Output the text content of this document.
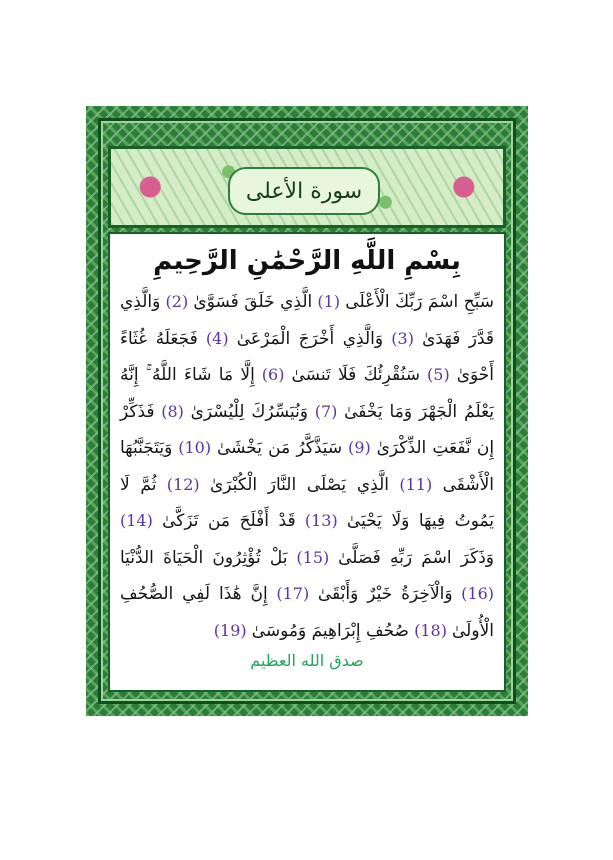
سورة الأعلى
بِسْمِ اللَّهِ الرَّحْمَٰنِ الرَّحِيمِ
سَبِّحِ اسْمَ رَبِّكَ الْأَعْلَى (1) الَّذِي خَلَقَ فَسَوَّىٰ (2) وَالَّذِي قَدَّرَ فَهَدَىٰ (3) وَالَّذِي أَخْرَجَ الْمَرْعَىٰ (4) فَجَعَلَهُ غُثَاءً أَحْوَىٰ (5) سَنُقْرِئُكَ فَلَا تَنسَىٰ (6) إِلَّا مَا شَاءَ اللَّهُ ۚ إِنَّهُ يَعْلَمُ الْجَهْرَ وَمَا يَخْفَىٰ (7) وَنُيَسِّرُكَ لِلْيُسْرَىٰ (8) فَذَكِّرْ إِن نَّفَعَتِ الذِّكْرَىٰ (9) سَيَذَّكَّرُ مَن يَخْشَىٰ (10) وَيَتَجَنَّبُهَا الْأَشْقَى (11) الَّذِي يَصْلَى النَّارَ الْكُبْرَىٰ (12) ثُمَّ لَا يَمُوتُ فِيهَا وَلَا يَحْيَىٰ (13) قَدْ أَفْلَحَ مَن تَزَكَّىٰ (14) وَذَكَرَ اسْمَ رَبِّهِ فَصَلَّىٰ (15) بَلْ تُؤْثِرُونَ الْحَيَاةَ الدُّنْيَا (16) وَالْآخِرَةُ خَيْرٌ وَأَبْقَىٰ (17) إِنَّ هَٰذَا لَفِي الصُّحُفِ الْأُولَىٰ (18) صُحُفِ إِبْرَاهِيمَ وَمُوسَىٰ (19)
صدق الله العظيم
